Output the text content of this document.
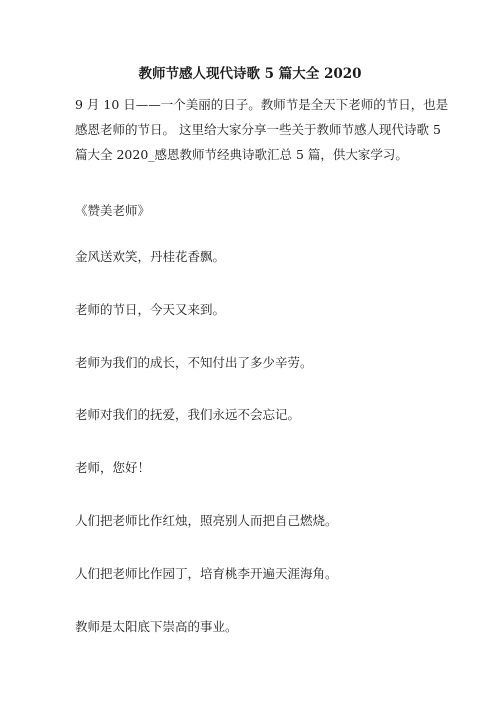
教师节感人现代诗歌 5 篇大全 2020
9 月 10 日——一个美丽的日子。教师节是全天下老师的节日，也是
感恩老师的节日。 这里给大家分享一些关于教师节感人现代诗歌 5
篇大全 2020_感恩教师节经典诗歌汇总 5 篇，供大家学习。
《赞美老师》
金风送欢笑，丹桂花香飘。
老师的节日，今天又来到。
老师为我们的成长，不知付出了多少辛劳。
老师对我们的抚爱，我们永远不会忘记。
老师，您好！
人们把老师比作红烛，照亮别人而把自己燃烧。
人们把老师比作园丁，培育桃李开遍天涯海角。
教师是太阳底下崇高的事业。
